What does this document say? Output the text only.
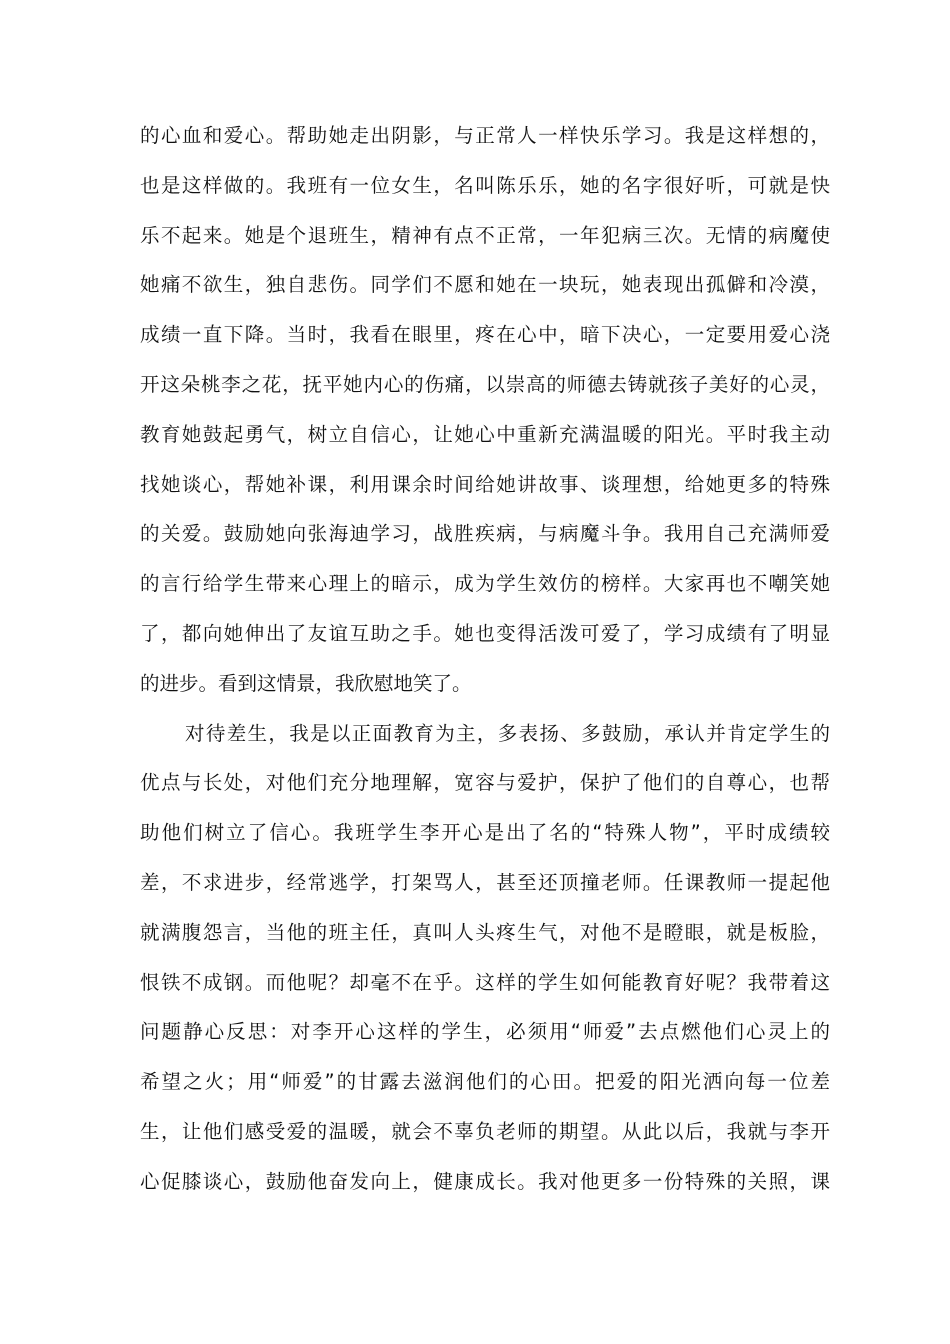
的心血和爱心。帮助她走出阴影，与正常人一样快乐学习。我是这样想的，
也是这样做的。我班有一位女生，名叫陈乐乐，她的名字很好听，可就是快
乐不起来。她是个退班生，精神有点不正常，一年犯病三次。无情的病魔使
她痛不欲生，独自悲伤。同学们不愿和她在一块玩，她表现出孤僻和冷漠，
成绩一直下降。当时，我看在眼里，疼在心中，暗下决心，一定要用爱心浇
开这朵桃李之花，抚平她内心的伤痛，以崇高的师德去铸就孩子美好的心灵，
教育她鼓起勇气，树立自信心，让她心中重新充满温暖的阳光。平时我主动
找她谈心，帮她补课，利用课余时间给她讲故事、谈理想，给她更多的特殊
的关爱。鼓励她向张海迪学习，战胜疾病，与病魔斗争。我用自己充满师爱
的言行给学生带来心理上的暗示，成为学生效仿的榜样。大家再也不嘲笑她
了，都向她伸出了友谊互助之手。她也变得活泼可爱了，学习成绩有了明显
的进步。看到这情景，我欣慰地笑了。
对待差生，我是以正面教育为主，多表扬、多鼓励，承认并肯定学生的
优点与长处，对他们充分地理解，宽容与爱护，保护了他们的自尊心，也帮
助他们树立了信心。我班学生李开心是出了名的“特殊人物”，平时成绩较
差，不求进步，经常逃学，打架骂人，甚至还顶撞老师。任课教师一提起他
就满腹怨言，当他的班主任，真叫人头疼生气，对他不是瞪眼，就是板脸，
恨铁不成钢。而他呢？却毫不在乎。这样的学生如何能教育好呢？我带着这
问题静心反思：对李开心这样的学生，必须用“师爱”去点燃他们心灵上的
希望之火；用“师爱”的甘露去滋润他们的心田。把爱的阳光洒向每一位差
生，让他们感受爱的温暖，就会不辜负老师的期望。从此以后，我就与李开
心促膝谈心，鼓励他奋发向上，健康成长。我对他更多一份特殊的关照，课
